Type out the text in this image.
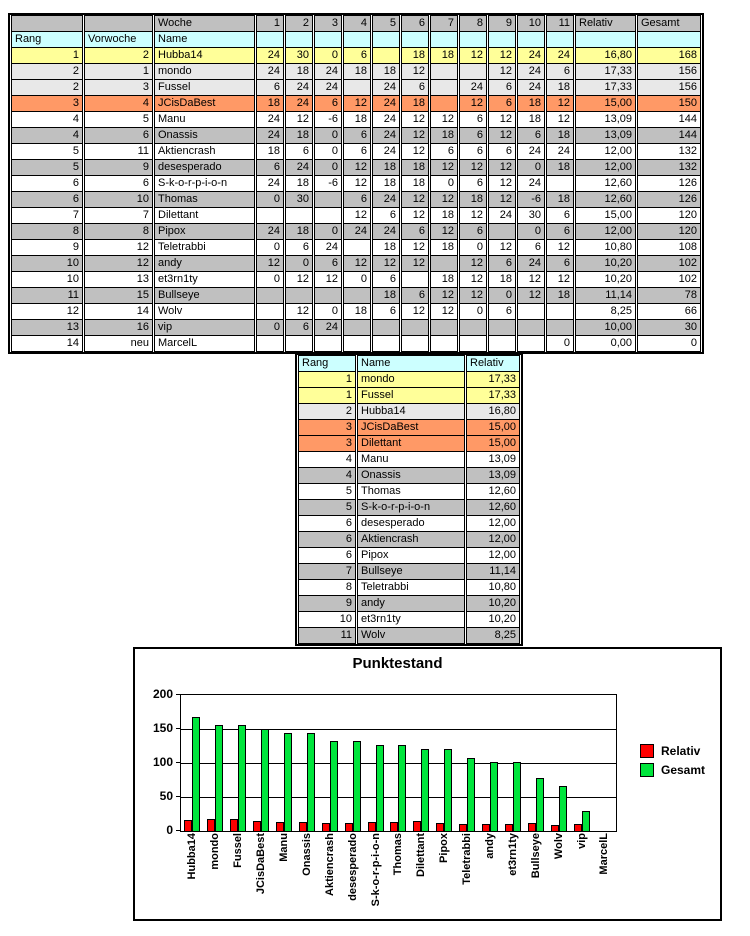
		Woche	1	2	3	4	5	6	7	8	9	10	11	Relativ	Gesamt
Rang	Vorwoche	Name													
1	2	Hubba14	24	30	0	6		18	18	12	12	24	24	16,80	168
2	1	mondo	24	18	24	18	18	12			12	24	6	17,33	156
2	3	Fussel	6	24	24		24	6		24	6	24	18	17,33	156
3	4	JCisDaBest	18	24	6	12	24	18		12	6	18	12	15,00	150
4	5	Manu	24	12	-6	18	24	12	12	6	12	18	12	13,09	144
4	6	Onassis	24	18	0	6	24	12	18	6	12	6	18	13,09	144
5	11	Aktiencrash	18	6	0	6	24	12	6	6	6	24	24	12,00	132
5	9	desesperado	6	24	0	12	18	18	12	12	12	0	18	12,00	132
6	6	S-k-o-r-p-i-o-n	24	18	-6	12	18	18	0	6	12	24		12,60	126
6	10	Thomas	0	30		6	24	12	12	18	12	-6	18	12,60	126
7	7	Dilettant				12	6	12	18	12	24	30	6	15,00	120
8	8	Pipox	24	18	0	24	24	6	12	6		0	6	12,00	120
9	12	Teletrabbi	0	6	24		18	12	18	0	12	6	12	10,80	108
10	12	andy	12	0	6	12	12	12		12	6	24	6	10,20	102
10	13	et3rn1ty	0	12	12	0	6		18	12	18	12	12	10,20	102
11	15	Bullseye					18	6	12	12	0	12	18	11,14	78
12	14	Wolv		12	0	18	6	12	12	0	6			8,25	66
13	16	vip	0	6	24									10,00	30
14	neu	MarcelL											0	0,00	0
Rang	Name	Relativ
1	mondo	17,33
1	Fussel	17,33
2	Hubba14	16,80
3	JCisDaBest	15,00
3	Dilettant	15,00
4	Manu	13,09
4	Onassis	13,09
5	Thomas	12,60
5	S-k-o-r-p-i-o-n	12,60
6	desesperado	12,00
6	Aktiencrash	12,00
6	Pipox	12,00
7	Bullseye	11,14
8	Teletrabbi	10,80
9	andy	10,20
10	et3rn1ty	10,20
11	Wolv	8,25
Punktestand
Hubba14 mondo Fussel JCisDaBest Manu Onassis Aktiencrash desesperado S-k-o-r-p-i-o-n Thomas Dilettant Pipox Teletrabbi andy et3rn1ty Bullseye Wolv vip MarcelL
Relativ
Gesamt
0
50
100
150
200
